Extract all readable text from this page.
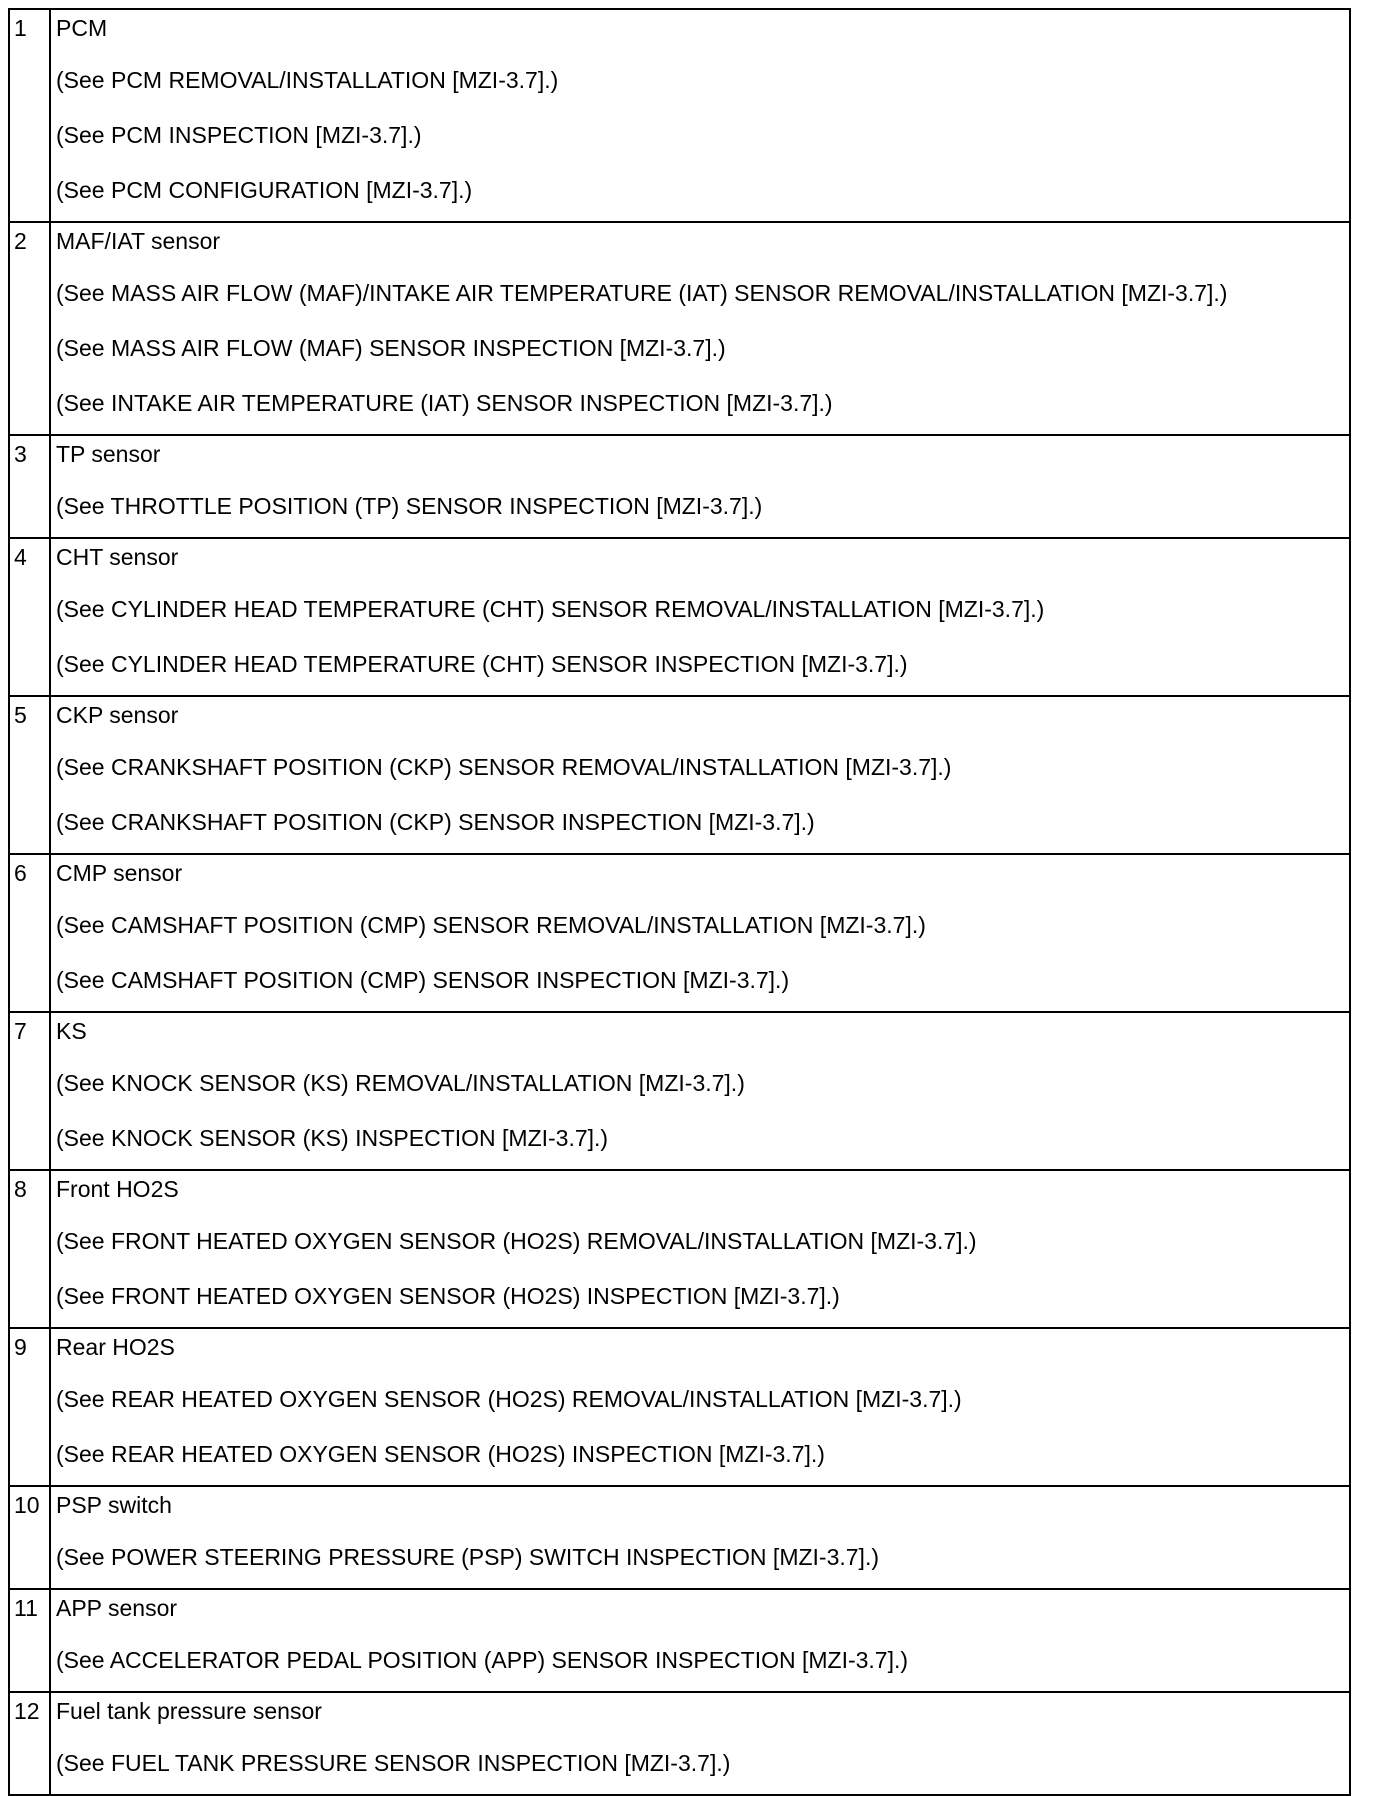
1	PCM
(See PCM REMOVAL/INSTALLATION [MZI-3.7].)
(See PCM INSPECTION [MZI-3.7].)
(See PCM CONFIGURATION [MZI-3.7].)

2	MAF/IAT sensor
(See MASS AIR FLOW (MAF)/INTAKE AIR TEMPERATURE (IAT) SENSOR REMOVAL/INSTALLATION [MZI-3.7].)
(See MASS AIR FLOW (MAF) SENSOR INSPECTION [MZI-3.7].)
(See INTAKE AIR TEMPERATURE (IAT) SENSOR INSPECTION [MZI-3.7].)

3	TP sensor
(See THROTTLE POSITION (TP) SENSOR INSPECTION [MZI-3.7].)

4	CHT sensor
(See CYLINDER HEAD TEMPERATURE (CHT) SENSOR REMOVAL/INSTALLATION [MZI-3.7].)
(See CYLINDER HEAD TEMPERATURE (CHT) SENSOR INSPECTION [MZI-3.7].)

5	CKP sensor
(See CRANKSHAFT POSITION (CKP) SENSOR REMOVAL/INSTALLATION [MZI-3.7].)
(See CRANKSHAFT POSITION (CKP) SENSOR INSPECTION [MZI-3.7].)

6	CMP sensor
(See CAMSHAFT POSITION (CMP) SENSOR REMOVAL/INSTALLATION [MZI-3.7].)
(See CAMSHAFT POSITION (CMP) SENSOR INSPECTION [MZI-3.7].)

7	KS
(See KNOCK SENSOR (KS) REMOVAL/INSTALLATION [MZI-3.7].)
(See KNOCK SENSOR (KS) INSPECTION [MZI-3.7].)

8	Front HO2S
(See FRONT HEATED OXYGEN SENSOR (HO2S) REMOVAL/INSTALLATION [MZI-3.7].)
(See FRONT HEATED OXYGEN SENSOR (HO2S) INSPECTION [MZI-3.7].)

9	Rear HO2S
(See REAR HEATED OXYGEN SENSOR (HO2S) REMOVAL/INSTALLATION [MZI-3.7].)
(See REAR HEATED OXYGEN SENSOR (HO2S) INSPECTION [MZI-3.7].)

10	PSP switch
(See POWER STEERING PRESSURE (PSP) SWITCH INSPECTION [MZI-3.7].)

11	APP sensor
(See ACCELERATOR PEDAL POSITION (APP) SENSOR INSPECTION [MZI-3.7].)

12	Fuel tank pressure sensor
(See FUEL TANK PRESSURE SENSOR INSPECTION [MZI-3.7].)
